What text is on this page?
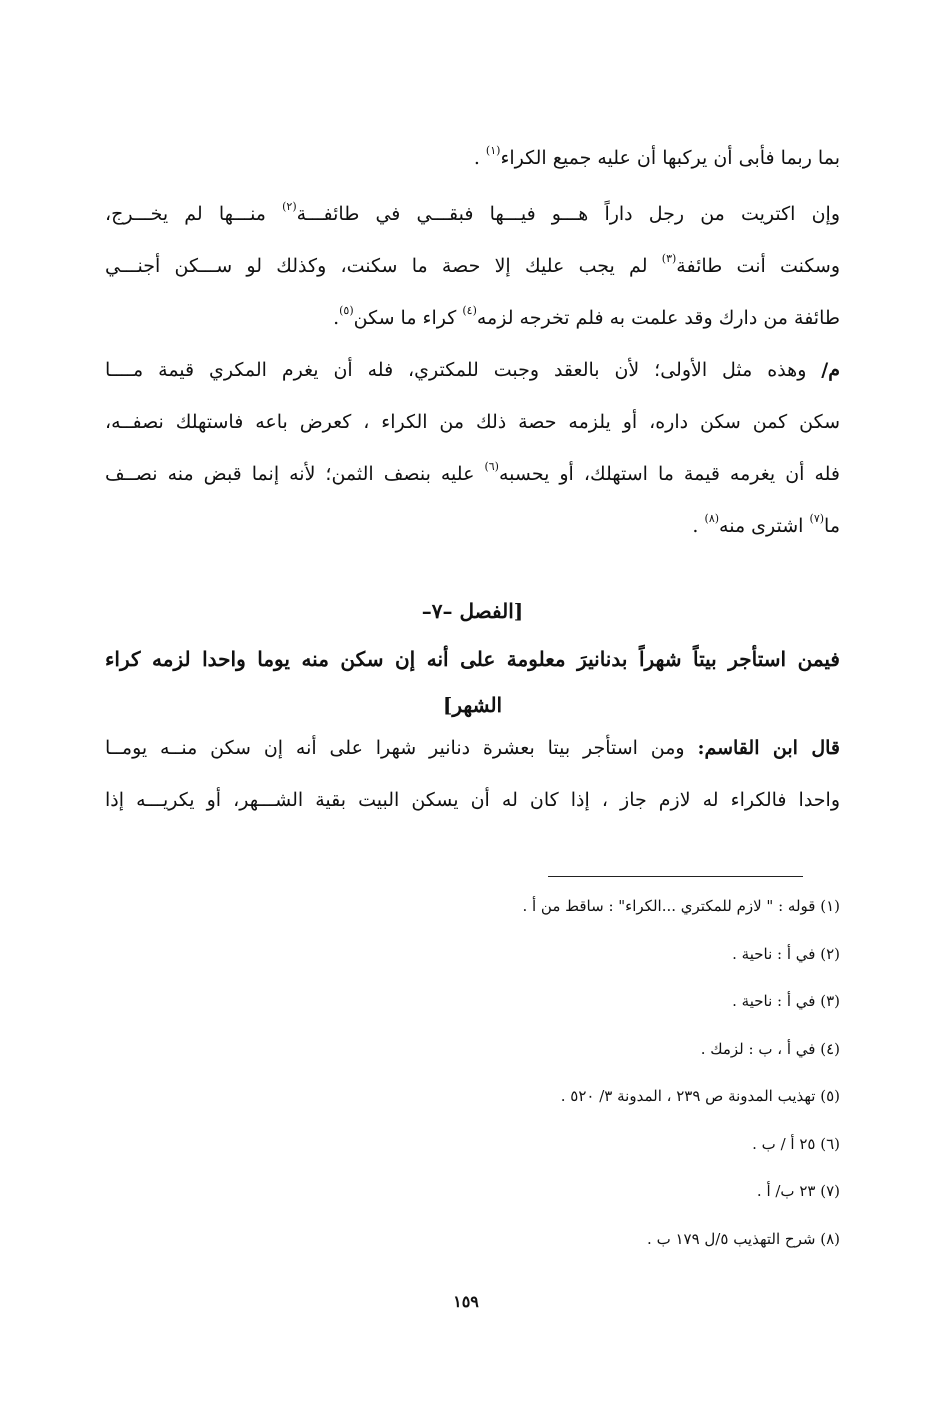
بما ربما فأبى أن يركبها أن عليه جميع الكراء$^{(١)}$ .
وإن اكتريت من رجل داراً هـــو فيـــها فبقـــي في طائفـــة$^{(٢)}$ منـــها لم يخـــرج،
وسكنت أنت طائفة$^{(٣)}$ لم يجب عليك إلا حصة ما سكنت، وكذلك لو ســـكن أجنـــي
طائفة من دارك وقد علمت به فلم تخرجه لزمه$^{(٤)}$ كراء ما سكن$^{(٥)}$.
م/ وهذه مثل الأولى؛ لأن بالعقد وجبت للمكتري، فله أن يغرم المكري قيمة مــــا
سكن كمن سكن داره، أو يلزمه حصة ذلك من الكراء ، كعرض باعه فاستهلك نصفــه،
فله أن يغرمه قيمة ما استهلك، أو يحسبه$^{(٦)}$ عليه بنصف الثمن؛ لأنه إنما قبض منه نصــف
ما$^{(٧)}$ اشترى منه$^{(٨)}$ .
[الفصل –٧–
فيمن استأجر بيتاً شهراً بدنانيرَ معلومة على أنه إن سكن منه يوما واحدا لزمه كراء
الشهر]
قال ابن القاسم: ومن استأجر بيتا بعشرة دنانير شهرا على أنه إن سكن منــه يومــا
واحدا فالكراء له لازم جاز ، إذا كان له أن يسكن البيت بقية الشـــهر، أو يكريـــه إذا
(١) قوله : " لازم للمكتري ...الكراء" : ساقط من أ .
(٢) في أ : ناحية .
(٣) في أ : ناحية .
(٤) في أ ، ب : لزمك .
(٥) تهذيب المدونة ص ٢٣٩ ، المدونة ٣/ ٥٢٠ .
(٦) ٢٥ أ / ب .
(٧) ٢٣ ب/ أ .
(٨) شرح التهذيب ٥/ل ١٧٩ ب .
١٥٩
